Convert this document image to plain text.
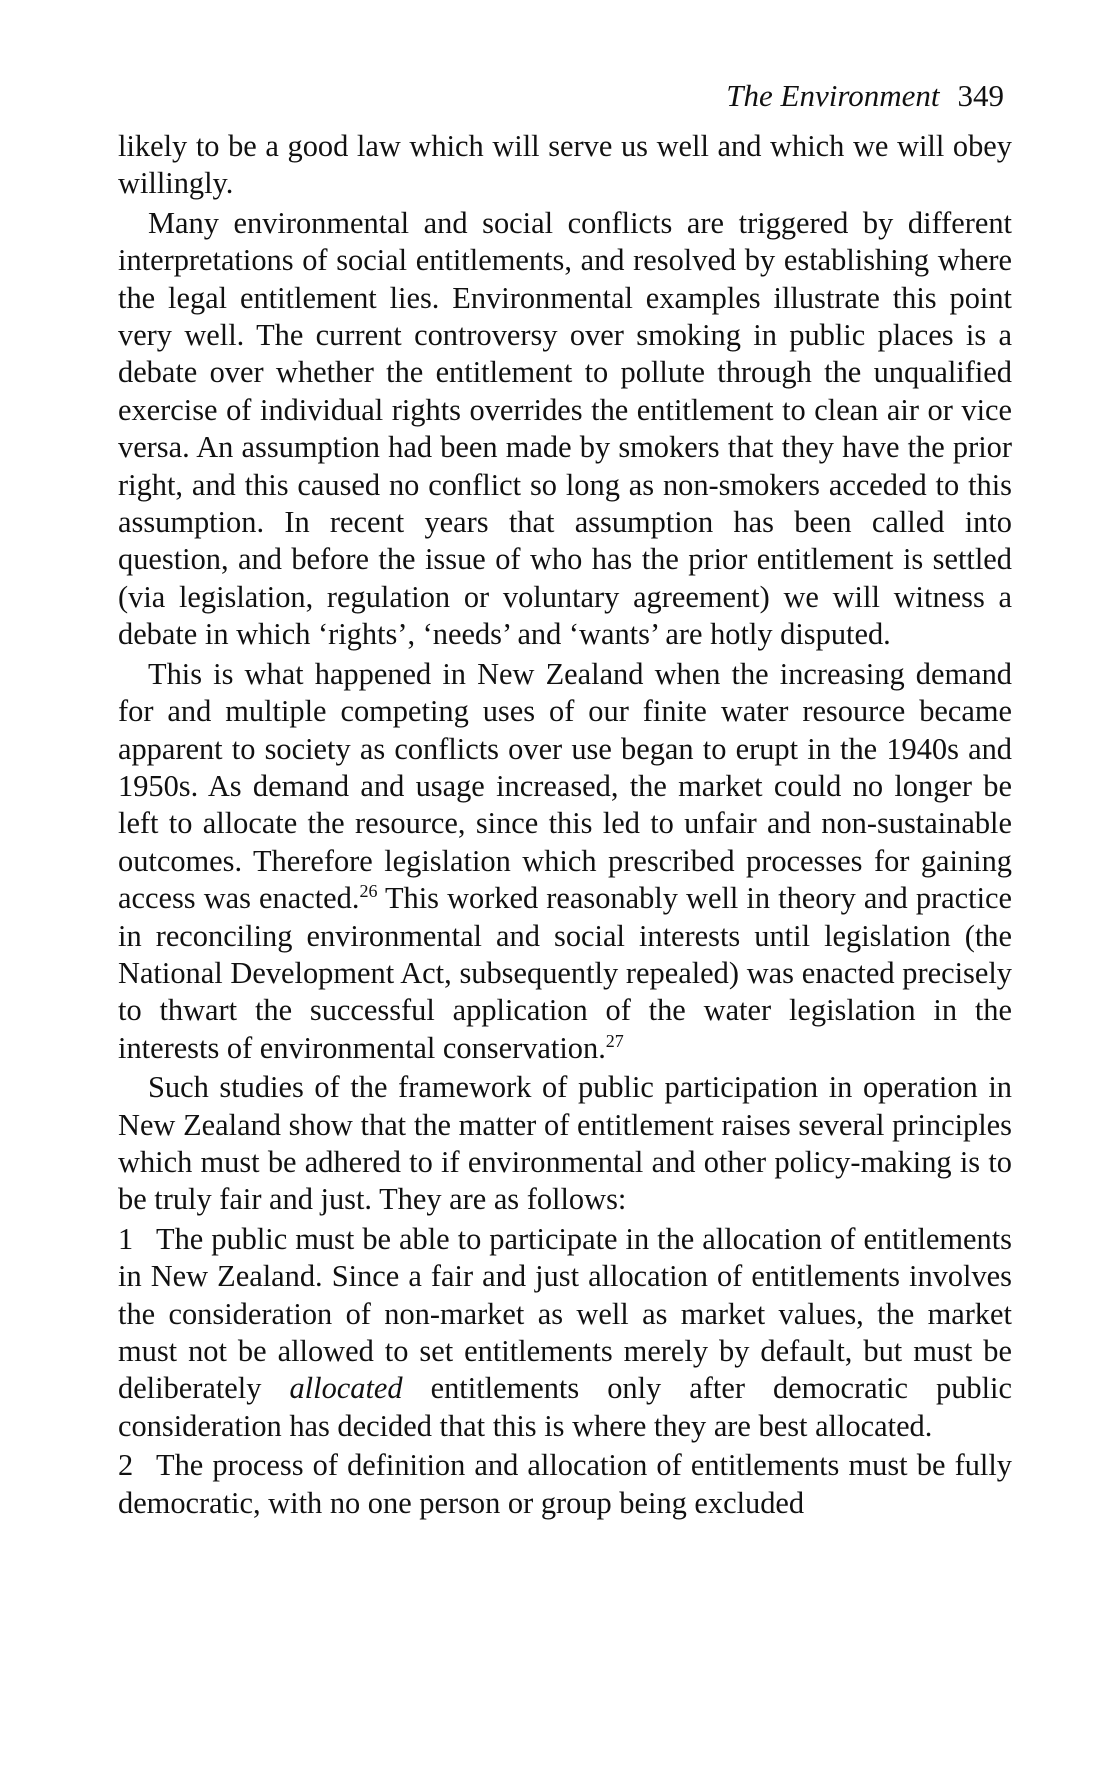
The Environment 349

likely to be a good law which will serve us well and which we will obey willingly.

Many environmental and social conflicts are triggered by different interpretations of social entitlements, and resolved by establishing where the legal entitlement lies. Environmental examples illustrate this point very well. The current controversy over smoking in public places is a debate over whether the entitlement to pollute through the unqualified exercise of individual rights overrides the entitlement to clean air or vice versa. An assumption had been made by smokers that they have the prior right, and this caused no conflict so long as non-smokers acceded to this assumption. In recent years that assumption has been called into question, and before the issue of who has the prior entitlement is settled (via legislation, regulation or voluntary agreement) we will witness a debate in which ‘rights’, ‘needs’ and ‘wants’ are hotly disputed.

This is what happened in New Zealand when the increasing demand for and multiple competing uses of our finite water resource became apparent to society as conflicts over use began to erupt in the 1940s and 1950s. As demand and usage increased, the market could no longer be left to allocate the resource, since this led to unfair and non-sustainable outcomes. Therefore legislation which prescribed processes for gaining access was enacted.$^{26}$ This worked reasonably well in theory and practice in reconciling environmental and social interests until legislation (the National Development Act, subsequently repealed) was enacted precisely to thwart the successful application of the water legislation in the interests of environmental conservation.$^{27}$

Such studies of the framework of public participation in operation in New Zealand show that the matter of entitlement raises several principles which must be adhered to if environmental and other policy-making is to be truly fair and just. They are as follows:

1 The public must be able to participate in the allocation of entitlements in New Zealand. Since a fair and just allocation of entitlements involves the consideration of non-market as well as market values, the market must not be allowed to set entitlements merely by default, but must be deliberately allocated entitlements only after democratic public consideration has decided that this is where they are best allocated.

2 The process of definition and allocation of entitlements must be fully democratic, with no one person or group being excluded
